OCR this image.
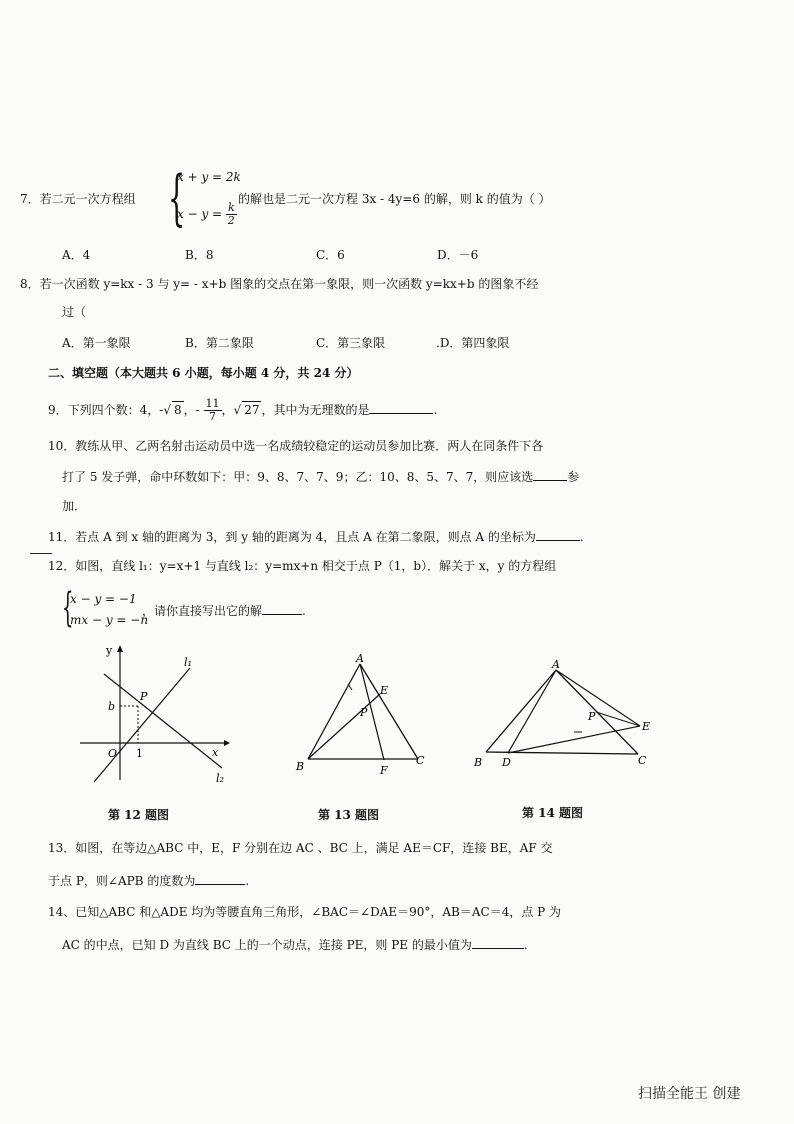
7．若二元一次方程组 {
x + y = 2k
$x - y = \frac{k}{2}$
的解也是二元一次方程 3x - 4y=6 的解，则 k 的值为（ ）
A．4	B．8	C．6	D．－6
8．若一次函数 y=kx - 3 与 y= - x+b 图象的交点在第一象限，则一次函数 y=kx+b 的图象不经
过（
A．第一象限	B．第二象限	C．第三象限	.D．第四象限
二、填空题（本大题共 6 小题，每小题 4 分，共 24 分）
9．下列四个数：4，-√ 8 ，- $\frac{11}{7}$，√ 27 ，其中为无理数的是	.
10．教练从甲、乙两名射击运动员中选一名成绩较稳定的运动员参加比赛．两人在同条件下各
打了 5 发子弹，命中环数如下：甲：9、8、7、7、9；乙：10、8、5、7、7，则应该选	参
加．
11．若点 A 到 x 轴的距离为 3，到 y 轴的距离为 4，且点 A 在第二象限，则点 A 的坐标为	.
12．如图，直线 l₁：y=x+1 与直线 l₂：y=mx+n 相交于点 P（1，b）．解关于 x，y 的方程组
{
x − y = −1
mx − y = −n
，请你直接写出它的解	.
y
x
O 1
b
P
l₁
l₂
第 12 题图
A
B	C
E
F
P
第 13 题图
A
B	C
D
E
P
第 14 题图
13．如图，在等边△ABC 中，E，F 分别在边 AC 、BC 上，满足 AE＝CF，连接 BE，AF 交
于点 P，则∠APB 的度数为	.
14、已知△ABC 和△ADE 均为等腰直角三角形，∠BAC＝∠DAE＝90°，AB＝AC＝4，点 P 为
AC 的中点，已知 D 为直线 BC 上的一个动点，连接 PE，则 PE 的最小值为	.
扫描全能王 创建
